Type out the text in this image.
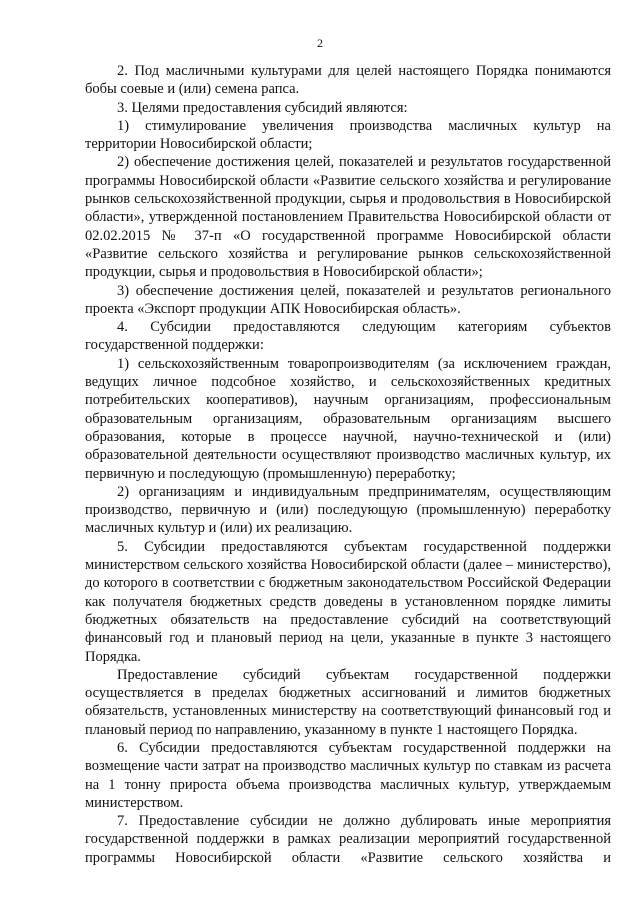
2

2. Под масличными культурами для целей настоящего Порядка понимаются бобы соевые и (или) семена рапса.

3. Целями предоставления субсидий являются:

1) стимулирование увеличения производства масличных культур на территории Новосибирской области;

2) обеспечение достижения целей, показателей и результатов государственной программы Новосибирской области «Развитие сельского хозяйства и регулирование рынков сельскохозяйственной продукции, сырья и продовольствия в Новосибирской области», утвержденной постановлением Правительства Новосибирской области от 02.02.2015 № 37-п «О государственной программе Новосибирской области «Развитие сельского хозяйства и регулирование рынков сельскохозяйственной продукции, сырья и продовольствия в Новосибирской области»;

3) обеспечение достижения целей, показателей и результатов регионального проекта «Экспорт продукции АПК Новосибирская область».

4. Субсидии предоставляются следующим категориям субъектов государственной поддержки:

1) сельскохозяйственным товаропроизводителям (за исключением граждан, ведущих личное подсобное хозяйство, и сельскохозяйственных кредитных потребительских кооперативов), научным организациям, профессиональным образовательным организациям, образовательным организациям высшего образования, которые в процессе научной, научно-технической и (или) образовательной деятельности осуществляют производство масличных культур, их первичную и последующую (промышленную) переработку;

2) организациям и индивидуальным предпринимателям, осуществляющим производство, первичную и (или) последующую (промышленную) переработку масличных культур и (или) их реализацию.

5. Субсидии предоставляются субъектам государственной поддержки министерством сельского хозяйства Новосибирской области (далее – министерство), до которого в соответствии с бюджетным законодательством Российской Федерации как получателя бюджетных средств доведены в установленном порядке лимиты бюджетных обязательств на предоставление субсидий на соответствующий финансовый год и плановый период на цели, указанные в пункте 3 настоящего Порядка.

Предоставление субсидий субъектам государственной поддержки осуществляется в пределах бюджетных ассигнований и лимитов бюджетных обязательств, установленных министерству на соответствующий финансовый год и плановый период по направлению, указанному в пункте 1 настоящего Порядка.

6. Субсидии предоставляются субъектам государственной поддержки на возмещение части затрат на производство масличных культур по ставкам из расчета на 1 тонну прироста объема производства масличных культур, утверждаемым министерством.

7. Предоставление субсидии не должно дублировать иные мероприятия государственной поддержки в рамках реализации мероприятий государственной программы Новосибирской области «Развитие сельского хозяйства и
